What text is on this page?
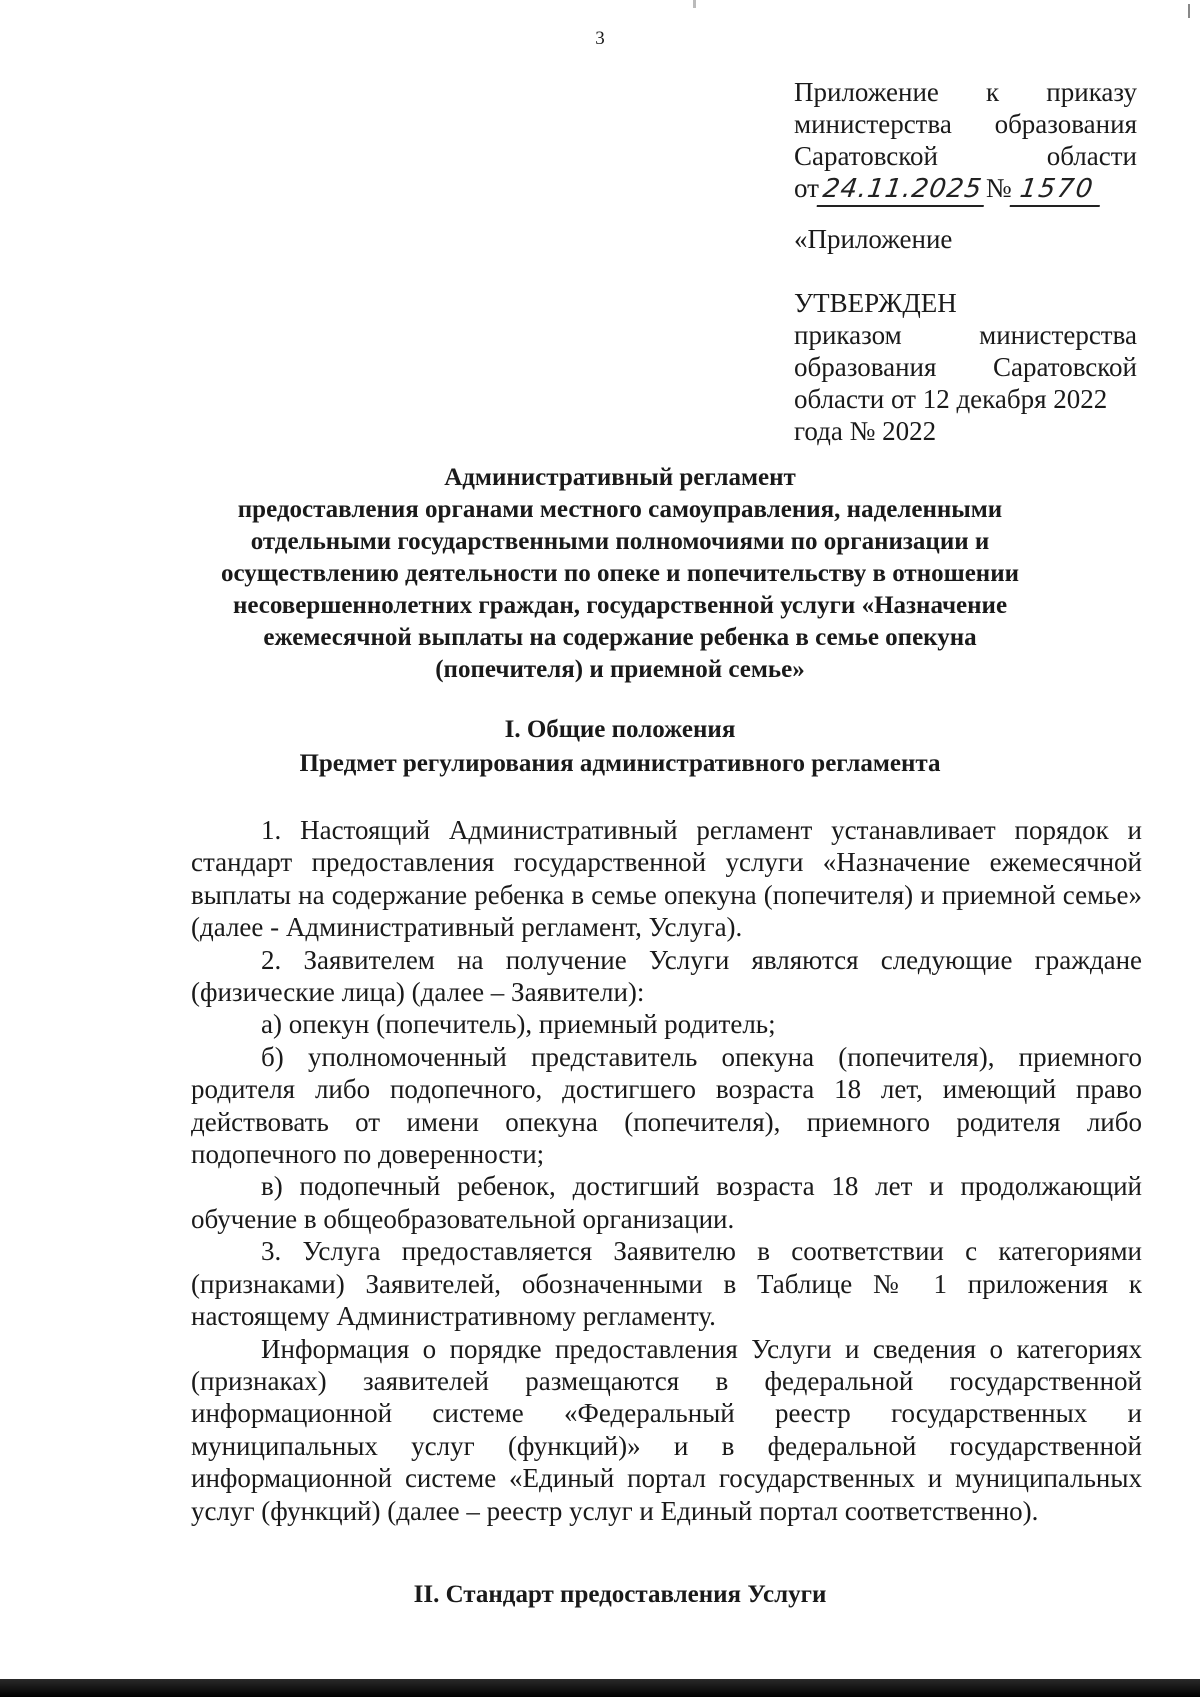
3

Приложение к приказу

министерства образования

Саратовской	области

от24.11.2025№ 1570

«Приложение

УТВЕРЖДЕН

приказом	министерства

образования Саратовской

области от 12 декабря 2022

года № 2022

Административный регламент
предоставления органами местного самоуправления, наделенными
отдельными государственными полномочиями по организации и
осуществлению деятельности по опеке и попечительству в отношении
несовершеннолетних граждан, государственной услуги «Назначение
ежемесячной выплаты на содержание ребенка в семье опекуна
(попечителя) и приемной семье»
I. Общие положения
Предмет регулирования административного регламента

1. Настоящий Административный регламент устанавливает порядок и стандарт предоставления государственной услуги «Назначение ежемесячной выплаты на содержание ребенка в семье опекуна (попечителя) и приемной семье» (далее - Административный регламент, Услуга).

2. Заявителем на получение Услуги являются следующие граждане (физические лица) (далее – Заявители):

а) опекун (попечитель), приемный родитель;

б) уполномоченный представитель опекуна (попечителя), приемного родителя либо подопечного, достигшего возраста 18 лет, имеющий право действовать от имени опекуна (попечителя), приемного родителя либо подопечного по доверенности;

в) подопечный ребенок, достигший возраста 18 лет и продолжающий обучение в общеобразовательной организации.

3. Услуга предоставляется Заявителю в соответствии с категориями (признаками) Заявителей, обозначенными в Таблице № 1 приложения к настоящему Административному регламенту.

Информация о порядке предоставления Услуги и сведения о категориях (признаках) заявителей размещаются в федеральной государственной информационной системе «Федеральный реестр государственных и муниципальных услуг (функций)» и в федеральной государственной информационной системе «Единый портал государственных и муниципальных услуг (функций) (далее – реестр услуг и Единый портал соответственно).

II. Стандарт предоставления Услуги
